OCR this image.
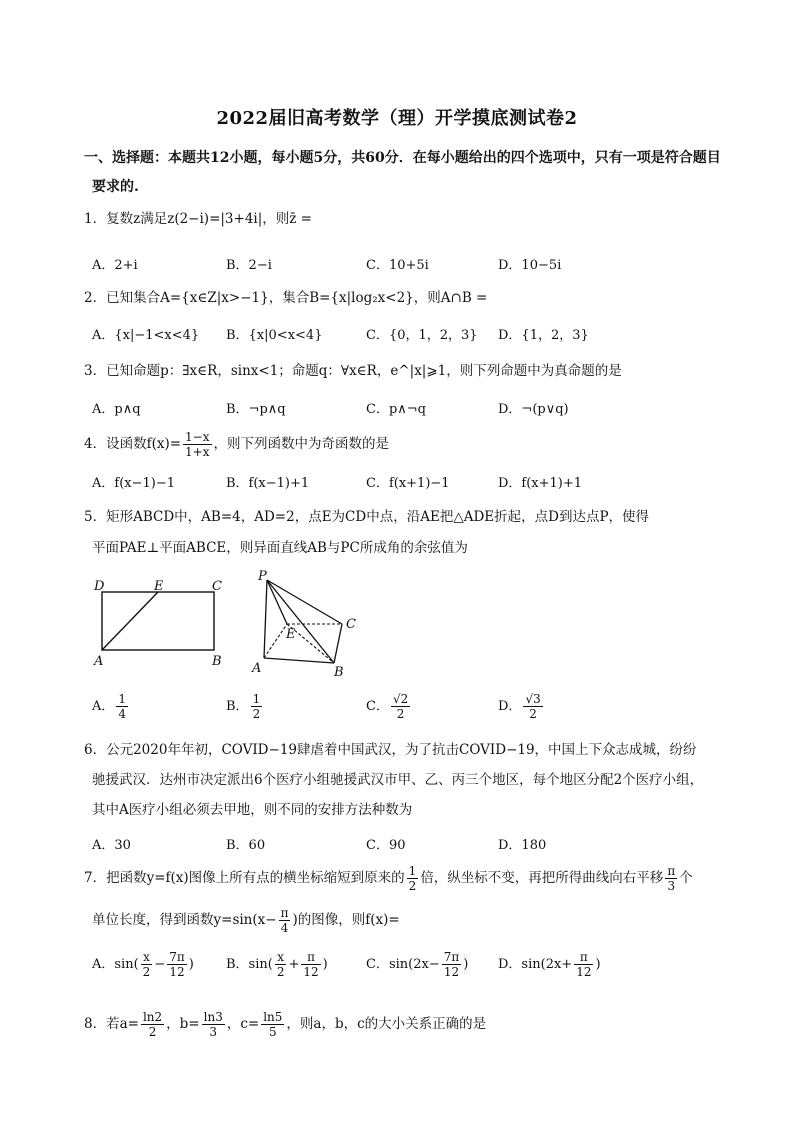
2022届旧高考数学（理）开学摸底测试卷2
一、选择题：本题共12小题，每小题5分，共60分．在每小题给出的四个选项中，只有一项是符合题目
要求的.
1．复数z满足z(2−i)=|3+4i|，则z̄ =
A．2+i	B．2−i	C．10+5i	D．10−5i
2．已知集合A={x∈Z|x>−1}，集合B={x|log₂x<2}，则A∩B =
A．{x|−1<x<4} B．{x|0<x<4}	C．{0，1，2，3} D．{1，2，3}
3．已知命题p：∃x∈R，sinx<1；命题q：∀x∈R，e^|x|⩾1，则下列命题中为真命题的是
A．p∧q	B．¬p∧q	C．p∧¬q	D．¬(p∨q)
4．设函数$f(x)= \frac{1-x}{1+x}$ ，则下列函数中为奇函数的是
A．f(x−1)−1	B．f(x−1)+1	C．f(x+1)−1	D．f(x+1)+1
5．矩形ABCD中，AB=4，AD=2，点E为CD中点，沿AE把△ADE折起，点D到达点P，使得
平面PAE⊥平面ABCE，则异面直线AB与PC所成角的余弦值为
D	E	C
A	B
P
E
C
A	B
A． $\frac{1}{4}$	B． $\frac{1}{2}$	C． $\frac{√2}{2}$	D． $\frac{√3}{2}$
6．公元2020年年初，COVID−19肆虐着中国武汉，为了抗击COVID−19，中国上下众志成城，纷纷
驰援武汉．达州市决定派出6个医疗小组驰援武汉市甲、乙、丙三个地区，每个地区分配2个医疗小组，
其中A医疗小组必须去甲地，则不同的安排方法种数为
A．30	B．60	C．90	D．180
7．把函数y=f(x)图像上所有点的横坐标缩短到原来的 $\frac{1}{2}$ 倍，纵坐标不变，再把所得曲线向右平移 $\frac{\pi}{3}$ 个
单位长度，得到函数$y=\sin(x- \frac{\pi}{4}$ )的图像，则f(x)=
A．$\sin( \frac{x}{2} - \frac{7\pi}{12}$ ) B．$\sin( \frac{x}{2} + \frac{\pi}{12}$ )	C．$\sin(2x- \frac{7\pi}{12}$ ) D．$\sin(2x+ \frac{\pi}{12}$ )
8．若$a= \frac{\ln 2}{2}$ ，$b= \frac{\ln 3}{3}$ ，$c= \frac{\ln 5}{5}$ ，则a，b，c的大小关系正确的是
